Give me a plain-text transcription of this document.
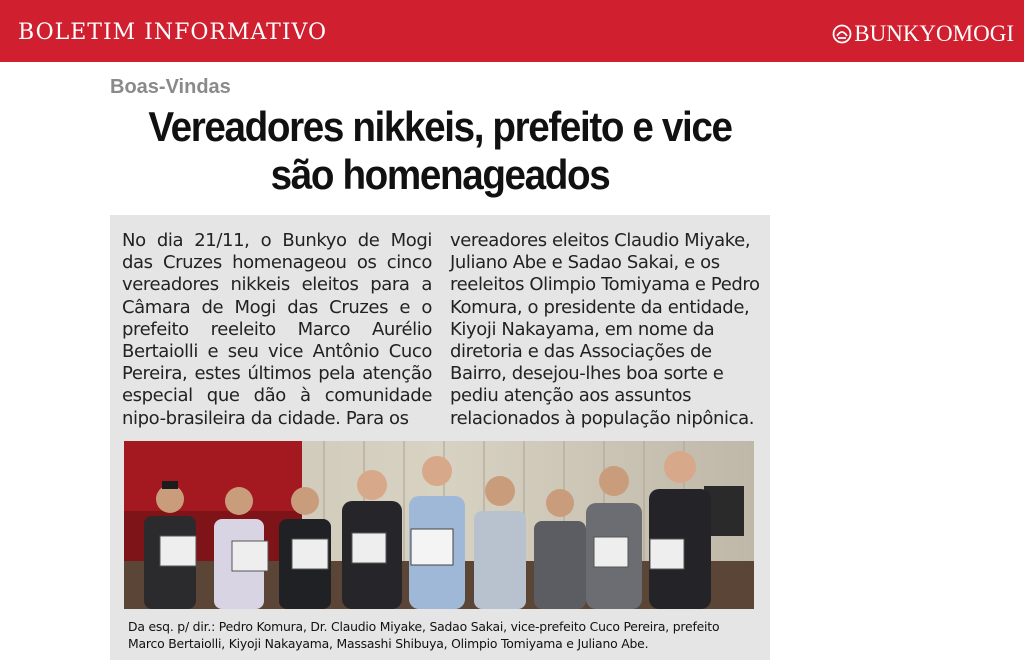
BOLETIM INFORMATIVO	BUNKYOMOGI
Boas-Vindas
Vereadores nikkeis, prefeito e vice
são homenageados
No dia 21/11, o Bunkyo de Mogi das Cruzes homenageou os cinco vereadores nikkeis eleitos para a Câmara de Mogi das Cruzes e o prefeito reeleito Marco Aurélio Bertaiolli e seu vice Antônio Cuco Pereira, estes últimos pela atenção especial que dão à comunidade nipo-brasileira da cidade. Para os
vereadores eleitos Claudio Miyake, Juliano Abe e Sadao Sakai, e os reeleitos Olimpio Tomiyama e Pedro Komura, o presidente da entidade, Kiyoji Nakayama, em nome da diretoria e das Associações de Bairro, desejou-lhes boa sorte e pediu atenção aos assuntos relacionados à população nipônica.
Da esq. p/ dir.: Pedro Komura, Dr. Claudio Miyake, Sadao Sakai, vice-prefeito Cuco Pereira, prefeito Marco Bertaiolli, Kiyoji Nakayama, Massashi Shibuya, Olimpio Tomiyama e Juliano Abe.
